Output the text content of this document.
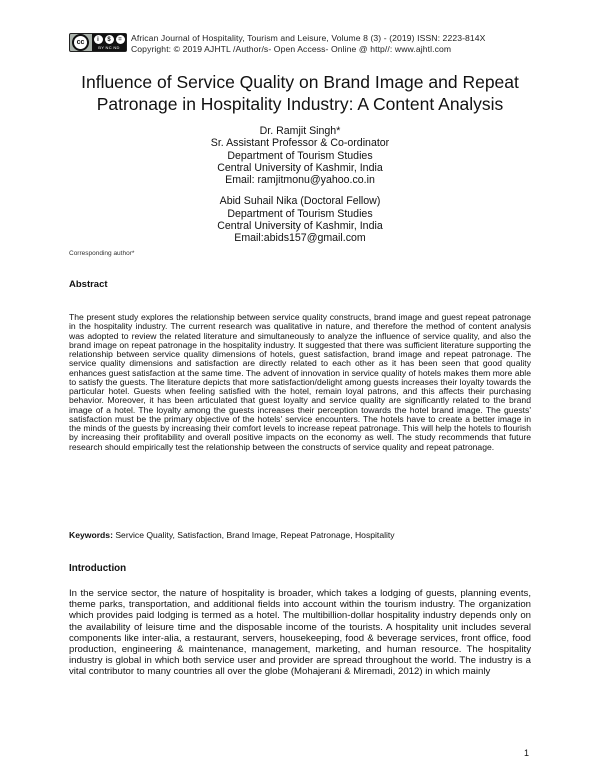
cc	i	$	=
BY NC ND
African Journal of Hospitality, Tourism and Leisure, Volume 8 (3) - (2019) ISSN: 2223-814X
Copyright: © 2019 AJHTL /Author/s- Open Access- Online @ http//: www.ajhtl.com
Influence of Service Quality on Brand Image and Repeat
Patronage in Hospitality Industry: A Content Analysis
Dr. Ramjit Singh*
Sr. Assistant Professor & Co-ordinator
Department of Tourism Studies
Central University of Kashmir, India
Email: ramjitmonu@yahoo.co.in
Abid Suhail Nika (Doctoral Fellow)
Department of Tourism Studies
Central University of Kashmir, India
Email:abids157@gmail.com
Corresponding author*
Abstract

The present study explores the relationship between service quality constructs, brand image and guest repeat patronage in the hospitality industry. The current research was qualitative in nature, and therefore the method of content analysis was adopted to review the related literature and simultaneously to analyze the influence of service quality, and also the brand image on repeat patronage in the hospitality industry. It suggested that there was sufficient literature supporting the relationship between service quality dimensions of hotels, guest satisfaction, brand image and repeat patronage. The service quality dimensions and satisfaction are directly related to each other as it has been seen that good quality enhances guest satisfaction at the same time. The advent of innovation in service quality of hotels makes them more able to satisfy the guests. The literature depicts that more satisfaction/delight among guests increases their loyalty towards the particular hotel. Guests when feeling satisfied with the hotel, remain loyal patrons, and this affects their purchasing behavior. Moreover, it has been articulated that guest loyalty and service quality are significantly related to the brand image of a hotel. The loyalty among the guests increases their perception towards the hotel brand image. The guests' satisfaction must be the primary objective of the hotels' service encounters. The hotels have to create a better image in the minds of the guests by increasing their comfort levels to increase repeat patronage. This will help the hotels to flourish by increasing their profitability and overall positive impacts on the economy as well. The study recommends that future research should empirically test the relationship between the constructs of service quality and repeat patronage.

Keywords: Service Quality, Satisfaction, Brand Image, Repeat Patronage, Hospitality

Introduction

In the service sector, the nature of hospitality is broader, which takes a lodging of guests, planning events, theme parks, transportation, and additional fields into account within the tourism industry. The organization which provides paid lodging is termed as a hotel. The multibillion-dollar hospitality industry depends only on the availability of leisure time and the disposable income of the tourists. A hospitality unit includes several components like inter-alia, a restaurant, servers, housekeeping, food & beverage services, front office, food production, engineering & maintenance, management, marketing, and human resource. The hospitality industry is global in which both service user and provider are spread throughout the world. The industry is a vital contributor to many countries all over the globe (Mohajerani & Miremadi, 2012) in which mainly

1
